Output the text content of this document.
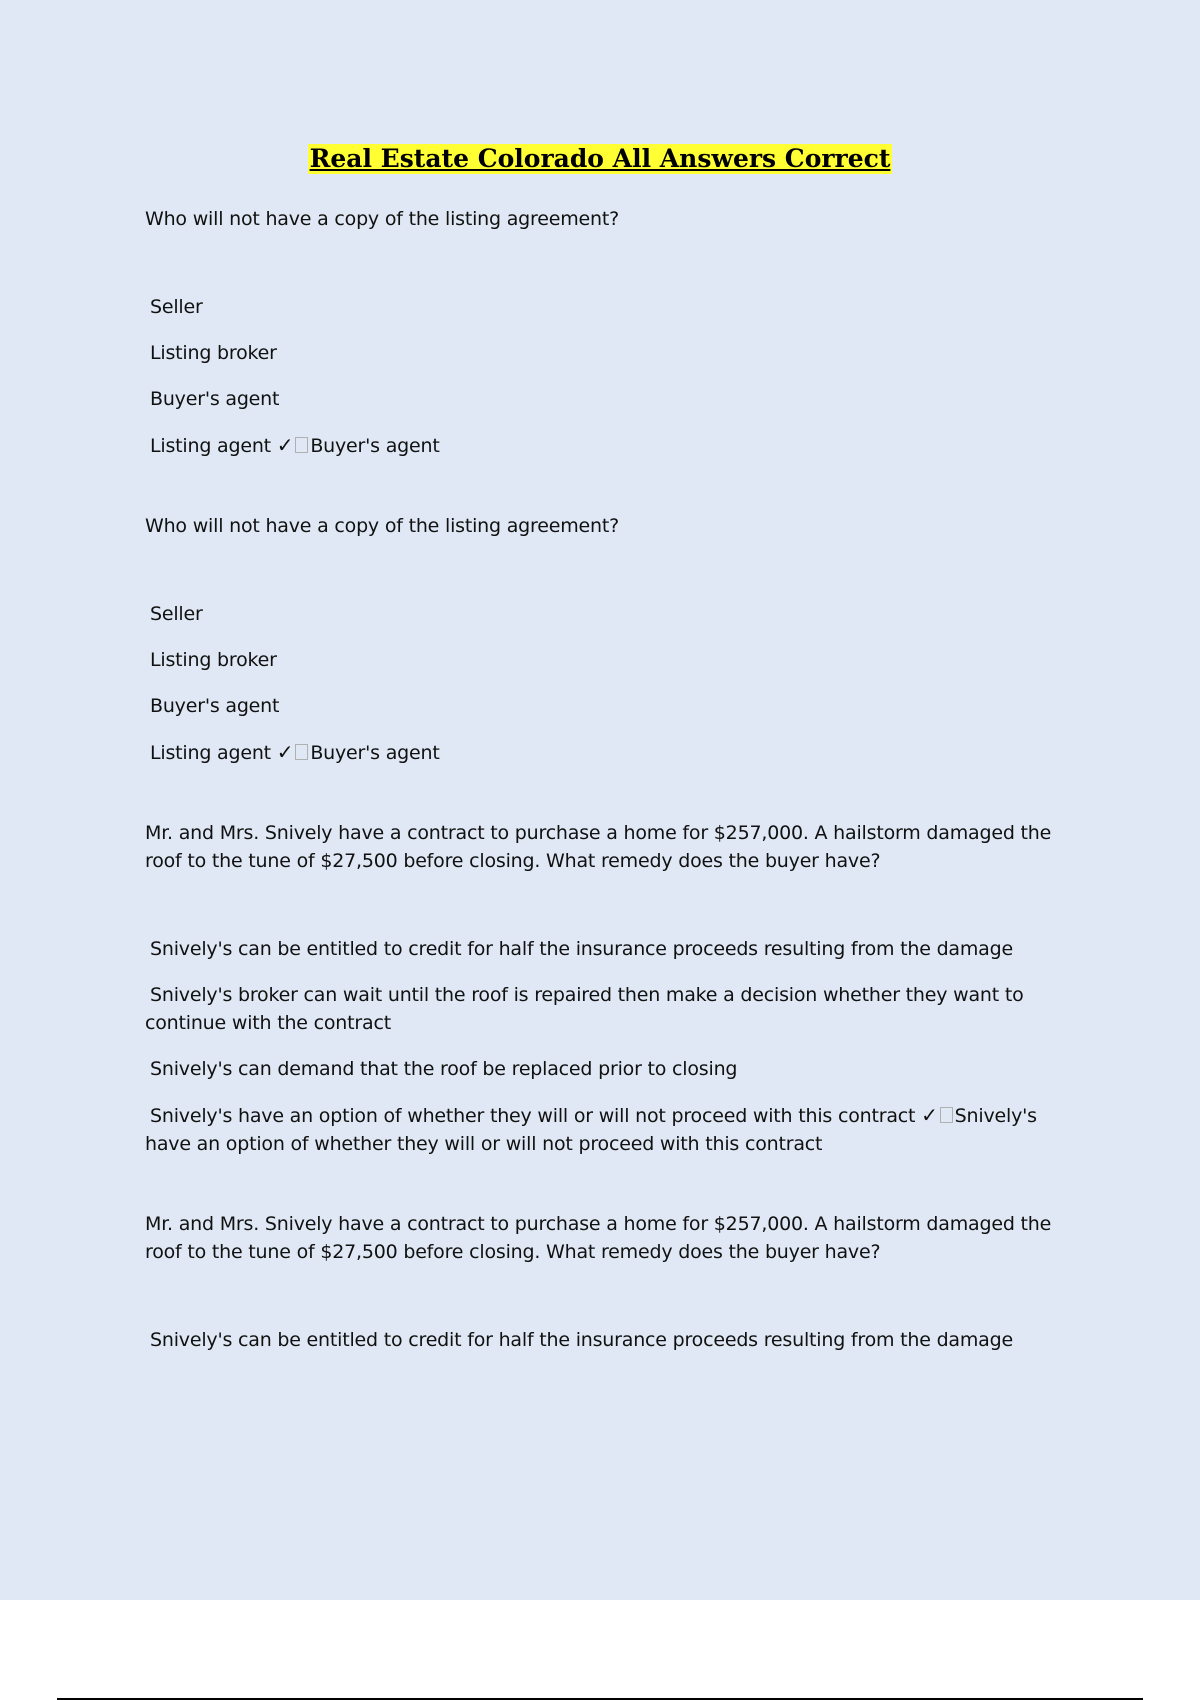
Real Estate Colorado All Answers Correct

Who will not have a copy of the listing agreement?

Seller
Listing broker
Buyer's agent
Listing agent ✓ Buyer's agent

Who will not have a copy of the listing agreement?

Seller
Listing broker
Buyer's agent
Listing agent ✓ Buyer's agent

Mr. and Mrs. Snively have a contract to purchase a home for $257,000. A hailstorm damaged the roof to the tune of $27,500 before closing. What remedy does the buyer have?

Snively's can be entitled to credit for half the insurance proceeds resulting from the damage
Snively's broker can wait until the roof is repaired then make a decision whether they want to continue with the contract
Snively's can demand that the roof be replaced prior to closing
Snively's have an option of whether they will or will not proceed with this contract ✓ Snively's have an option of whether they will or will not proceed with this contract

Mr. and Mrs. Snively have a contract to purchase a home for $257,000. A hailstorm damaged the roof to the tune of $27,500 before closing. What remedy does the buyer have?

Snively's can be entitled to credit for half the insurance proceeds resulting from the damage
